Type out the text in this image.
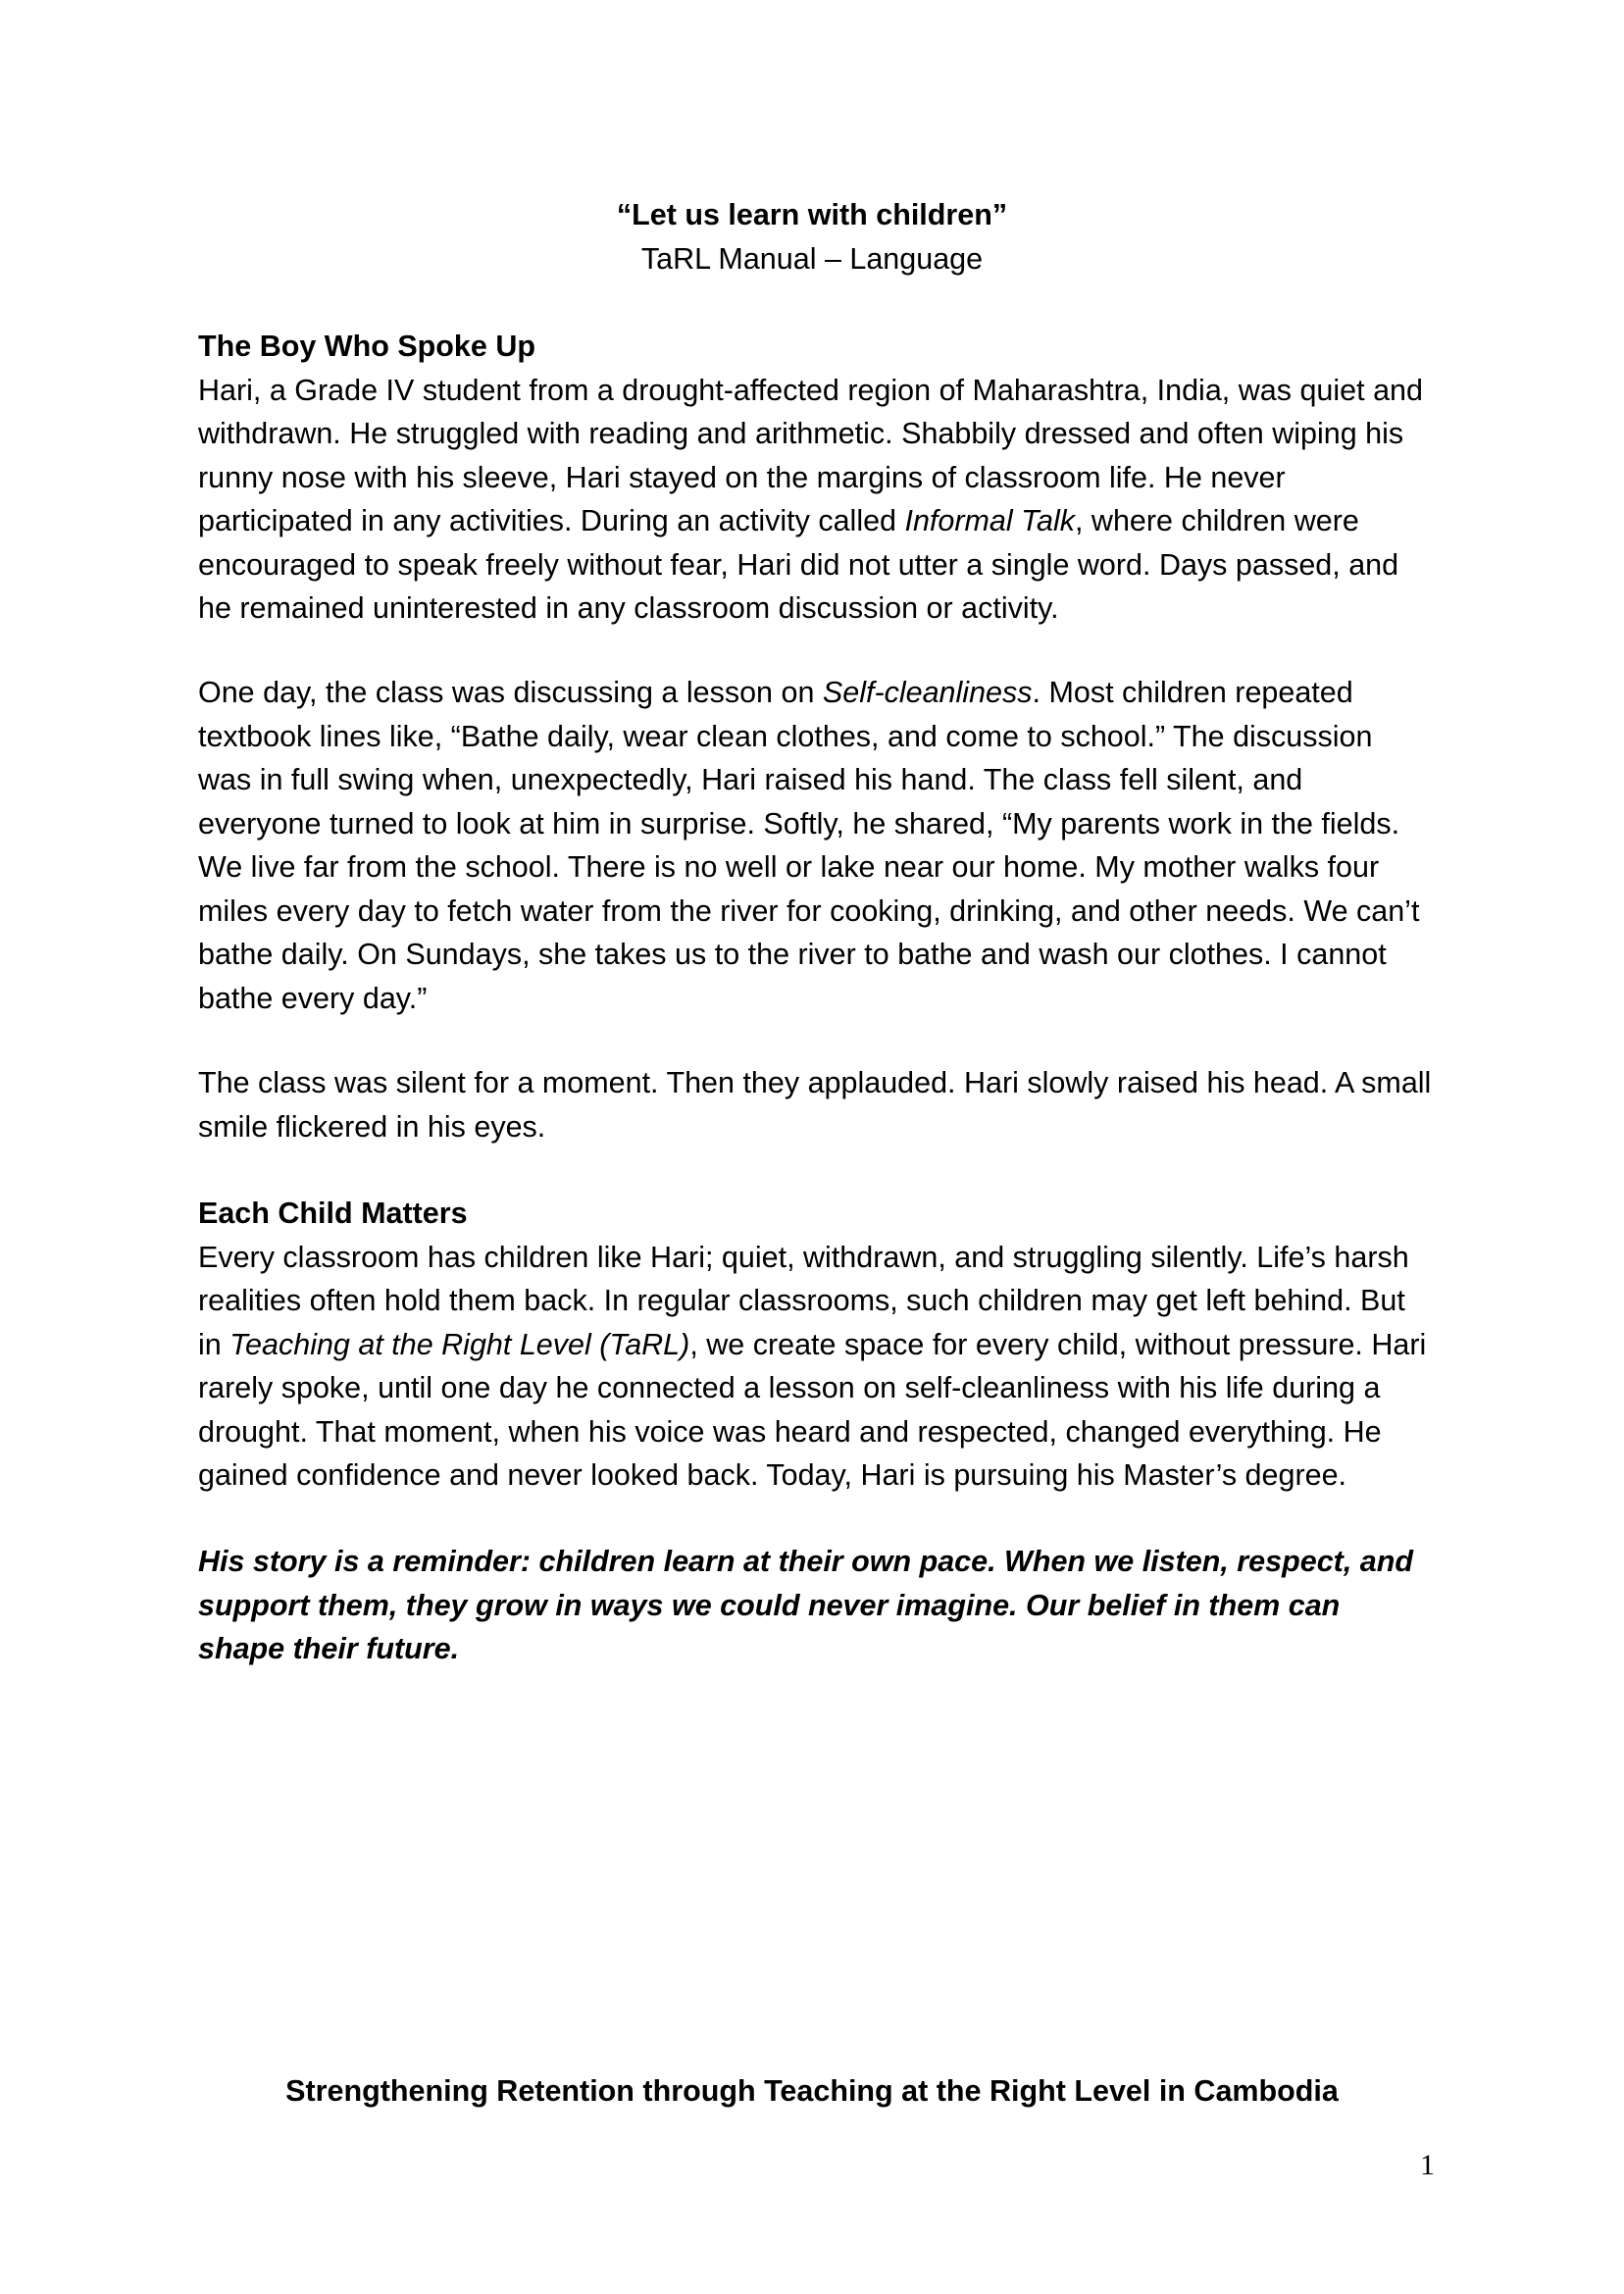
“Let us learn with children”
TaRL Manual – Language
The Boy Who Spoke Up

Hari, a Grade IV student from a drought-affected region of Maharashtra, India, was quiet and withdrawn. He struggled with reading and arithmetic. Shabbily dressed and often wiping his runny nose with his sleeve, Hari stayed on the margins of classroom life. He never participated in any activities. During an activity called Informal Talk, where children were encouraged to speak freely without fear, Hari did not utter a single word. Days passed, and he remained uninterested in any classroom discussion or activity.

One day, the class was discussing a lesson on Self-cleanliness. Most children repeated textbook lines like, “Bathe daily, wear clean clothes, and come to school.” The discussion was in full swing when, unexpectedly, Hari raised his hand. The class fell silent, and everyone turned to look at him in surprise. Softly, he shared, “My parents work in the fields. We live far from the school. There is no well or lake near our home. My mother walks four miles every day to fetch water from the river for cooking, drinking, and other needs. We can’t bathe daily. On Sundays, she takes us to the river to bathe and wash our clothes. I cannot bathe every day.”

The class was silent for a moment. Then they applauded. Hari slowly raised his head. A small smile flickered in his eyes.

Each Child Matters

Every classroom has children like Hari; quiet, withdrawn, and struggling silently. Life’s harsh realities often hold them back. In regular classrooms, such children may get left behind. But in Teaching at the Right Level (TaRL), we create space for every child, without pressure. Hari rarely spoke, until one day he connected a lesson on self-cleanliness with his life during a drought. That moment, when his voice was heard and respected, changed everything. He gained confidence and never looked back. Today, Hari is pursuing his Master’s degree.

His story is a reminder: children learn at their own pace. When we listen, respect, and support them, they grow in ways we could never imagine. Our belief in them can shape their future.

Strengthening Retention through Teaching at the Right Level in Cambodia
1
